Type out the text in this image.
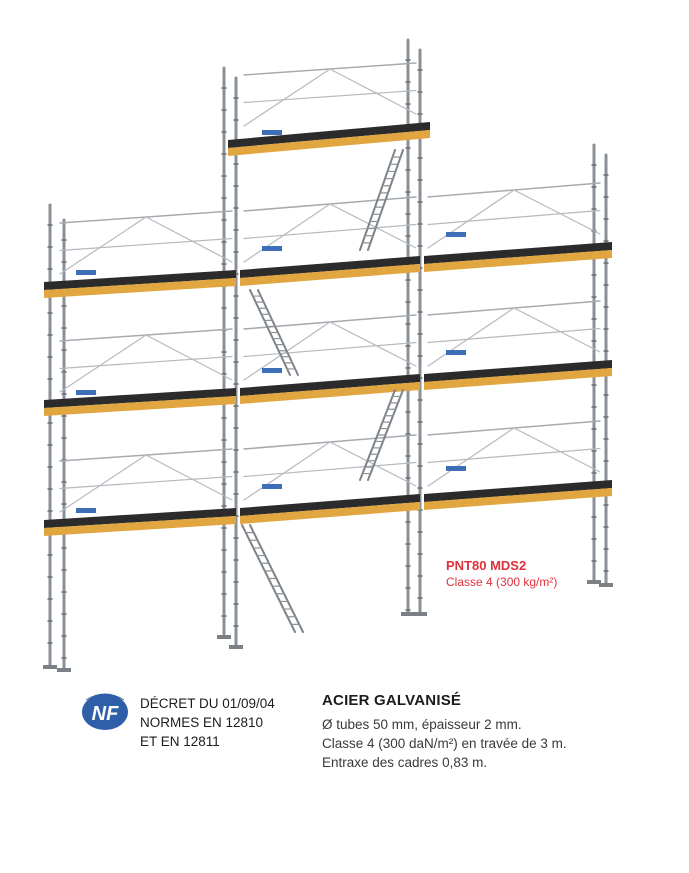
PNT80 MDS2
Classe 4 (300 kg/m²)
NF DÉCRET DU 01/09/04
NORMES EN 12810
ET EN 12811
ACIER GALVANISÉ
Ø tubes 50 mm, épaisseur 2 mm.
Classe 4 (300 daN/m²) en travée de 3 m.
Entraxe des cadres 0,83 m.
